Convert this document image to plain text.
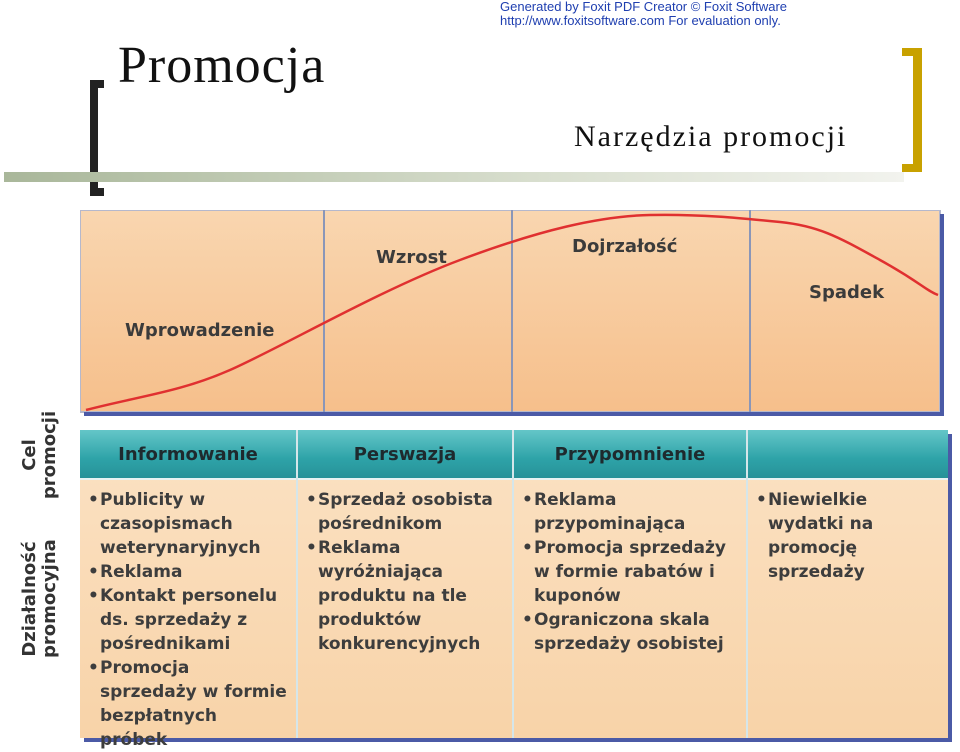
Generated by Foxit PDF Creator © Foxit Software
http://www.foxitsoftware.com For evaluation only.
Promocja
Narzędzia promocji
Wprowadzenie
Wzrost
Dojrzałość
Spadek
Cel promocji
Działalność promocyjna
Informowanie
• Publicity w czasopismach weterynaryjnych
• Reklama
• Kontakt personelu ds. sprzedaży z pośrednikami
• Promocja sprzedaży w formie bezpłatnych próbek
Perswazja
• Sprzedaż osobista pośrednikom
• Reklama wyróżniająca produktu na tle produktów konkurencyjnych
Przypomnienie
• Reklama przypominająca
• Promocja sprzedaży w formie rabatów i kuponów
• Ograniczona skala sprzedaży osobistej
• Niewielkie wydatki na promocję sprzedaży
